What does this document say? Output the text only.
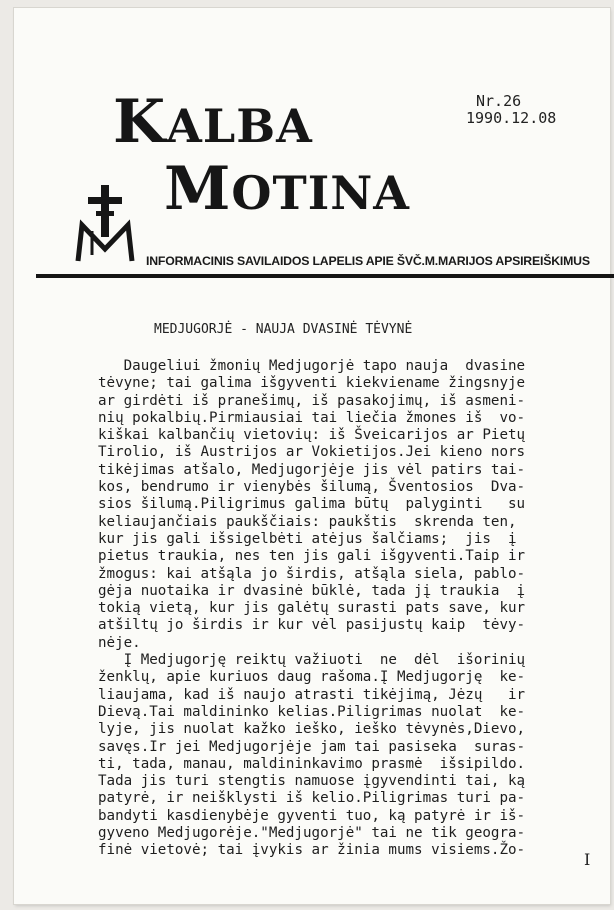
KALBA
MOTINA
Nr.26
1990.12.08
INFORMACINIS SAVILAIDOS LAPELIS APIE ŠVČ.M.MARIJOS APSIREIŠKIMUS
MEDJUGORJĖ - NAUJA DVASINĖ TĖVYNĖ
Daugeliui žmonių Medjugorjė tapo nauja  dvasine
tėvyne; tai galima išgyventi kiekviename žingsnyje
ar girdėti iš pranešimų, iš pasakojimų, iš asmeni-
nių pokalbių.Pirmiausiai tai liečia žmones iš  vo-
kiškai kalbančių vietovių: iš Šveicarijos ar Pietų
Tirolio, iš Austrijos ar Vokietijos.Jei kieno nors
tikėjimas atšalo, Medjugorjėje jis vėl patirs tai-
kos, bendrumo ir vienybės šilumą, Šventosios  Dva-
sios šilumą.Piligrimus galima būtų  palyginti   su
keliaujančiais paukščiais: paukštis  skrenda ten,
kur jis gali išsigelbėti atėjus šalčiams;  jis  į
pietus traukia, nes ten jis gali išgyventi.Taip ir
žmogus: kai atšąla jo širdis, atšąla siela, pablo-
gėja nuotaika ir dvasinė būklė, tada jį traukia  į
tokią vietą, kur jis galėtų surasti pats save, kur
atšiltų jo širdis ir kur vėl pasijustų kaip  tėvy-
nėje.
Į Medjugorję reiktų važiuoti  ne  dėl  išorinių
ženklų, apie kuriuos daug rašoma.Į Medjugorję  ke-
liaujama, kad iš naujo atrasti tikėjimą, Jėzų   ir
Dievą.Tai maldininko kelias.Piligrimas nuolat  ke-
lyje, jis nuolat kažko ieško, ieško tėvynės,Dievo,
savęs.Ir jei Medjugorjėje jam tai pasiseka  suras-
ti, tada, manau, maldininkavimo prasmė  išsipildo.
Tada jis turi stengtis namuose įgyvendinti tai, ką
patyrė, ir neišklysti iš kelio.Piligrimas turi pa-
bandyti kasdienybėje gyventi tuo, ką patyrė ir iš-
gyveno Medjugorėje."Medjugorjė" tai ne tik geogra-
finė vietovė; tai įvykis ar žinia mums visiems.Žo-	I
